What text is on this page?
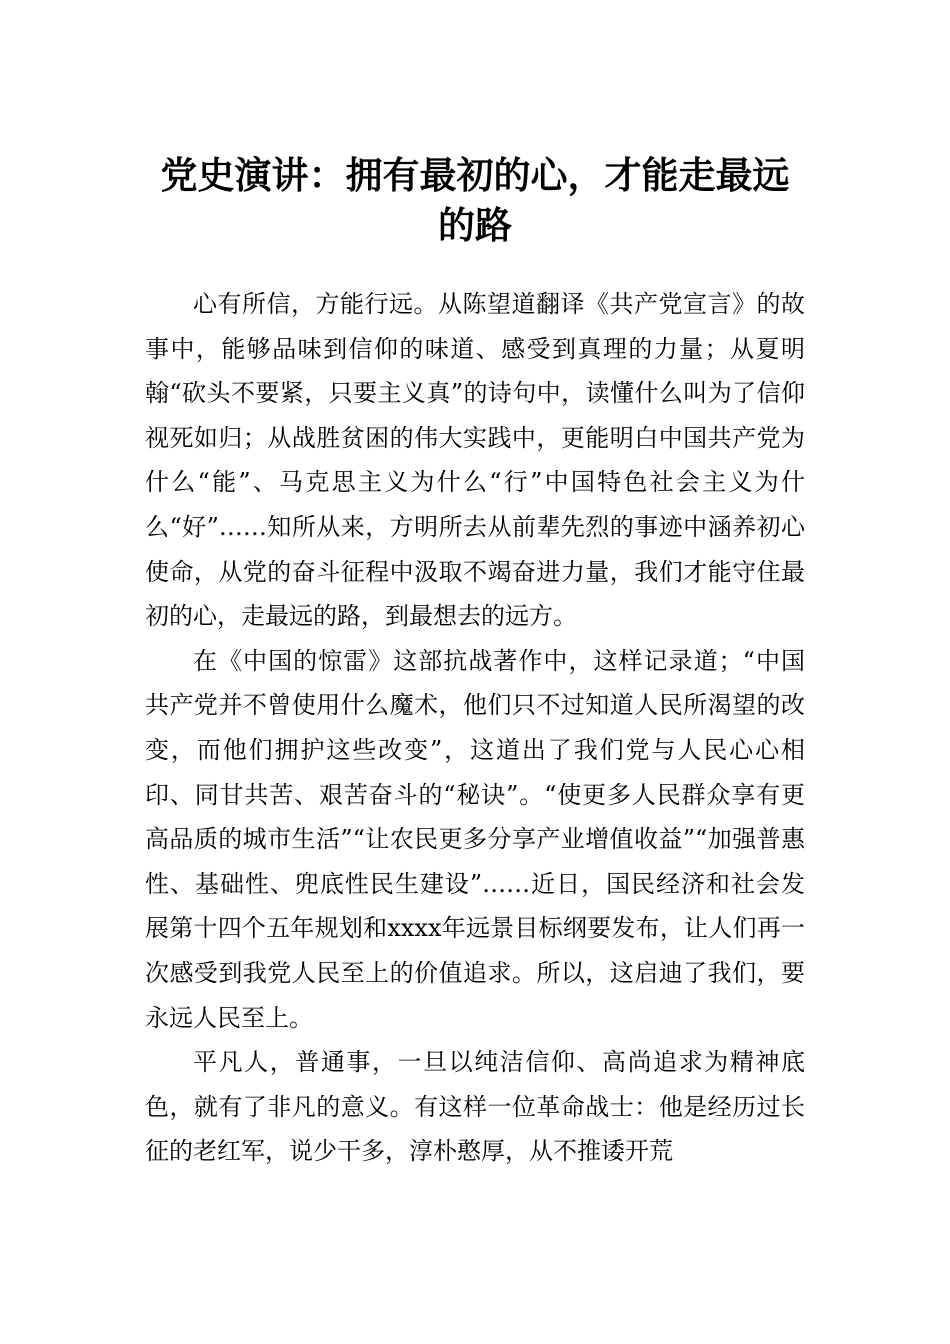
党史演讲：拥有最初的心，才能走最远的路

心有所信，方能行远。从陈望道翻译《共产党宣言》的故事中，能够品味到信仰的味道、感受到真理的力量；从夏明翰“砍头不要紧，只要主义真”的诗句中，读懂什么叫为了信仰视死如归；从战胜贫困的伟大实践中，更能明白中国共产党为什么“能”、马克思主义为什么“行”中国特色社会主义为什么“好”……知所从来，方明所去从前辈先烈的事迹中涵养初心使命，从党的奋斗征程中汲取不竭奋进力量，我们才能守住最初的心，走最远的路，到最想去的远方。

在《中国的惊雷》这部抗战著作中，这样记录道；“中国共产党并不曾使用什么魔术，他们只不过知道人民所渴望的改变，而他们拥护这些改变”，这道出了我们党与人民心心相印、同甘共苦、艰苦奋斗的“秘诀”。“使更多人民群众享有更高品质的城市生活”“让农民更多分享产业增值收益”“加强普惠性、基础性、兜底性民生建设”……近日，国民经济和社会发展第十四个五年规划和xxxx年远景目标纲要发布，让人们再一次感受到我党人民至上的价值追求。所以，这启迪了我们，要永远人民至上。

平凡人，普通事，一旦以纯洁信仰、高尚追求为精神底色，就有了非凡的意义。有这样一位革命战士：他是经历过长征的老红军，说少干多，淳朴憨厚，从不推诿开荒
